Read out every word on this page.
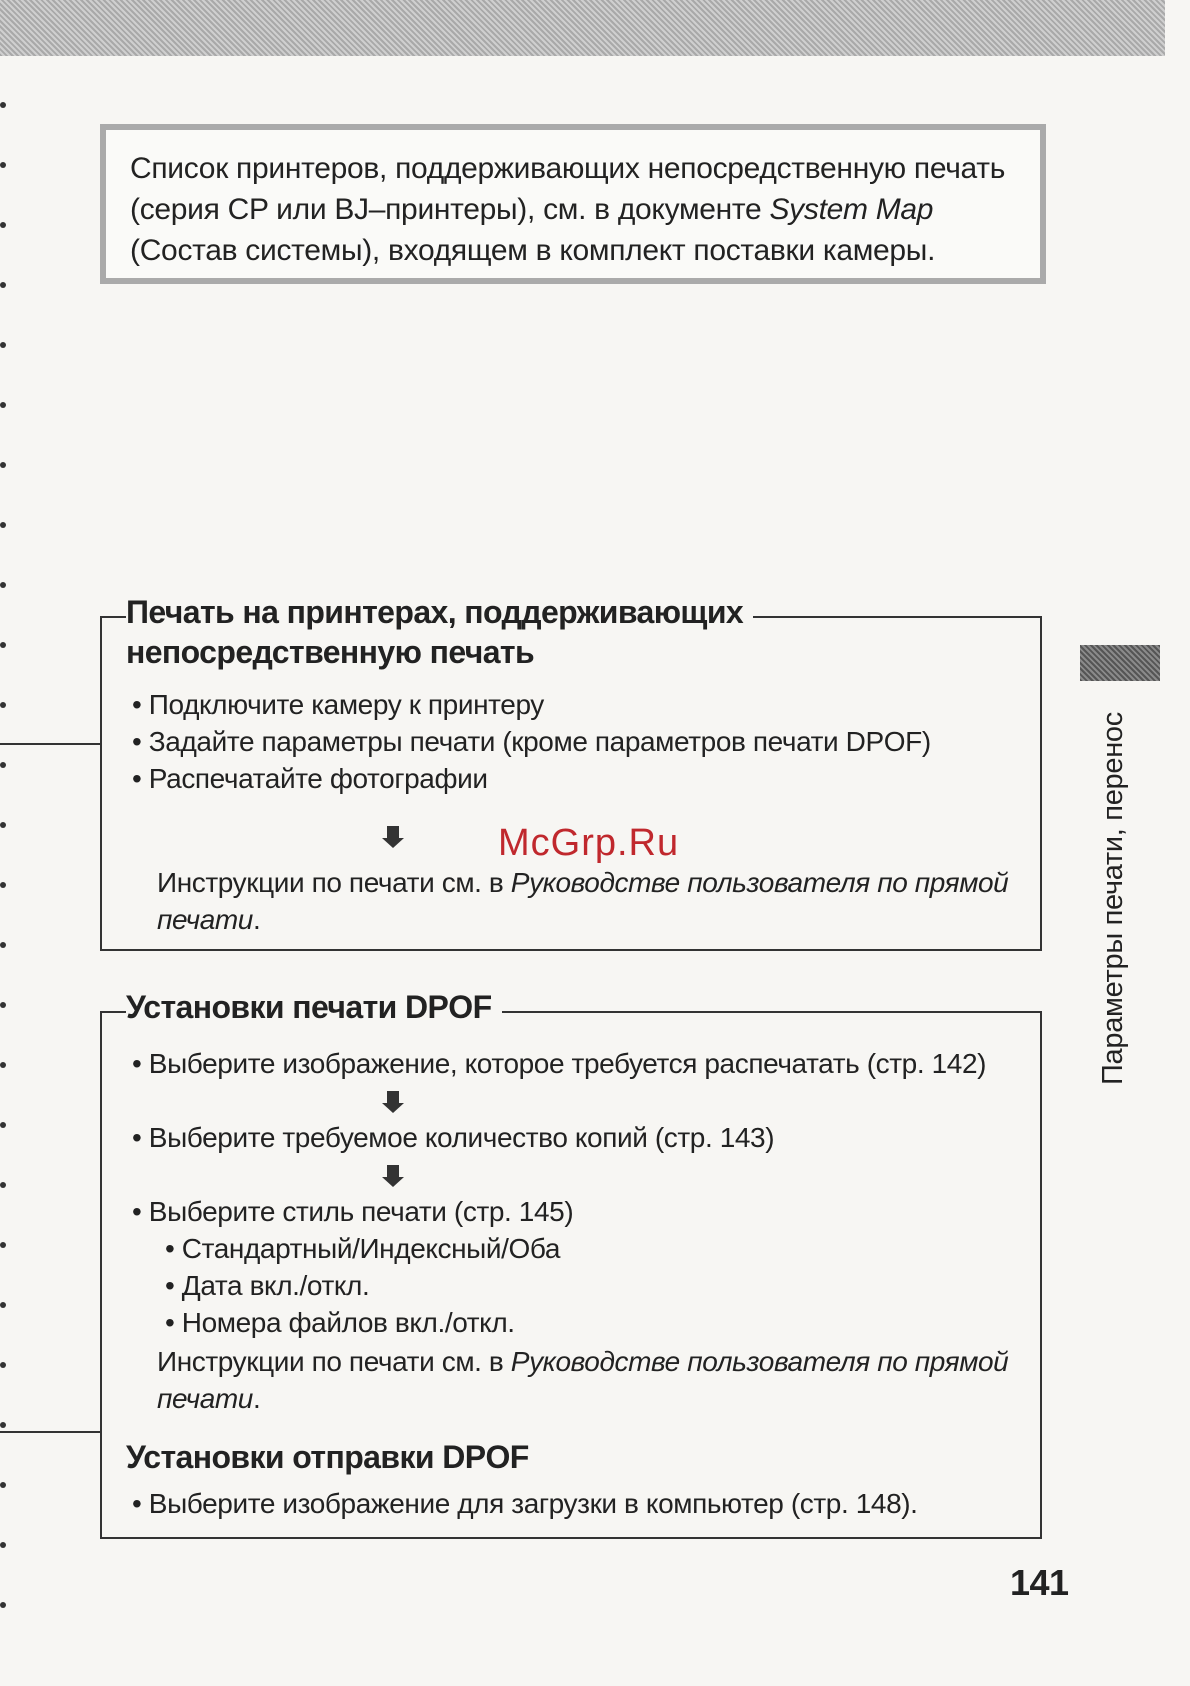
Список принтеров, поддерживающих непосредственную печать

(серия CP или BJ–принтеры), см. в документе System Map

(Состав системы), входящем в комплект поставки камеры.

Печать на принтерах, поддерживающих
непосредственную печать

• Подключите камеру к принтеру

• Задайте параметры печати (кроме параметров печати DPOF)

• Распечатайте фотографии

Инструкции по печати см. в Руководстве пользователя по прямой

печати.

Установки печати DPOF

• Выберите изображение, которое требуется распечатать (стр. 142)

• Выберите требуемое количество копий (стр. 143)

• Выберите стиль печати (стр. 145)

• Стандартный/Индексный/Оба

• Дата вкл./откл.

• Номера файлов вкл./откл.

Инструкции по печати см. в Руководстве пользователя по прямой

печати.

Установки отправки DPOF

• Выберите изображение для загрузки в компьютер (стр. 148).

Параметры печати, перенос
McGrp.Ru
141
